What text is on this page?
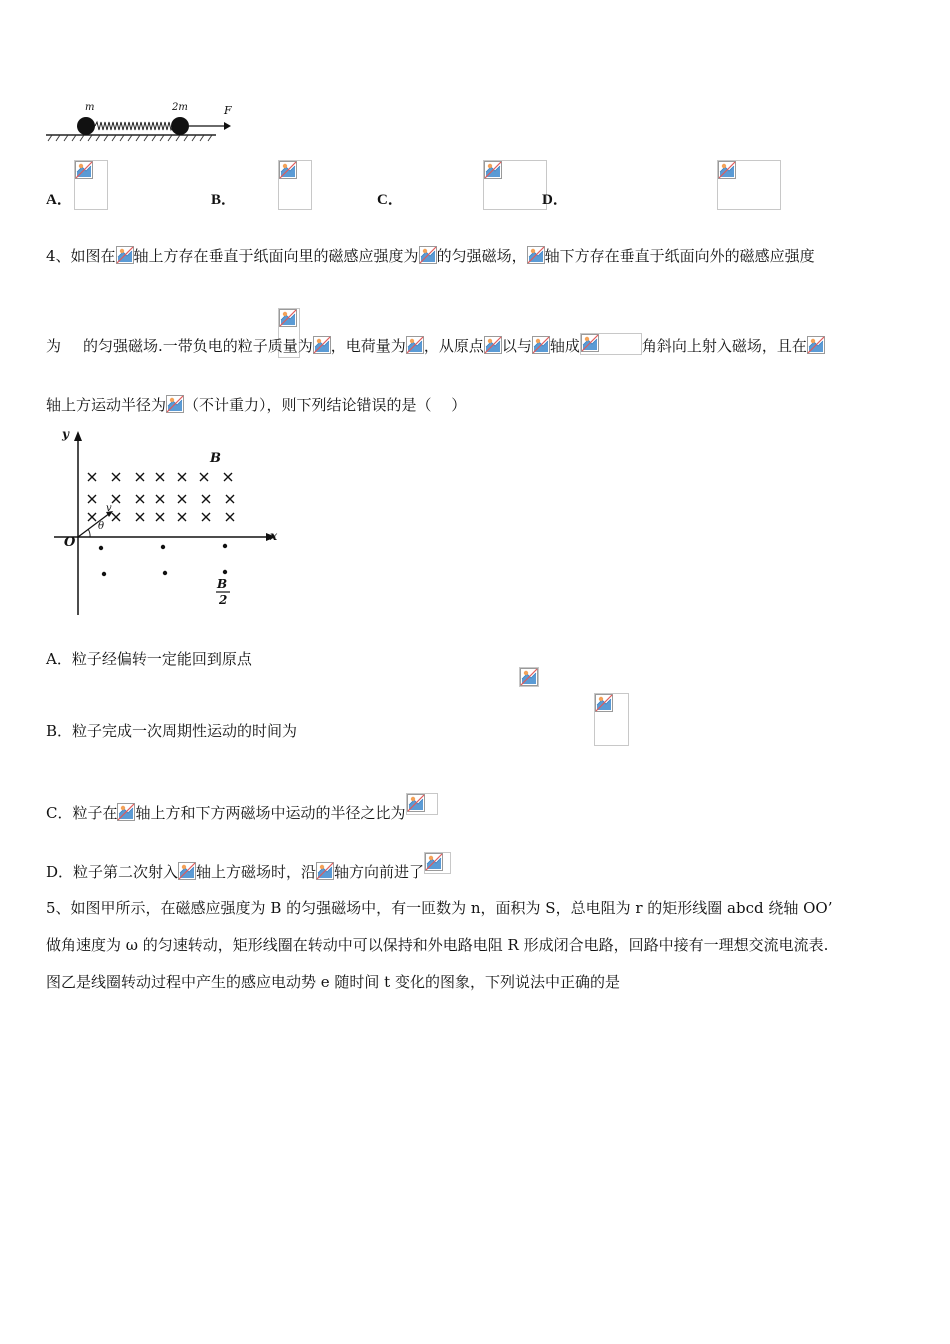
m	2m	F
A．
	B．
	C．
	D．

4、如图在 轴上方存在垂直于纸面向里的磁感应强度为 的匀强磁场， 轴下方存在垂直于纸面向外的磁感应强度

为 的匀强磁场.一带负电的粒子质量为 ，电荷量为 ，从原点 以与 轴成	角斜向上射入磁场，且在
轴上方运动半径为 （不计重力），则下列结论错误的是（　 ）
y
x
O
B
v
θ
B
2
A．粒子经偏转一定能回到原点

B．粒子完成一次周期性运动的时间为
C．粒子在 轴上方和下方两磁场中运动的半径之比为
D．粒子第二次射入 轴上方磁场时，沿 轴方向前进了
5、如图甲所示，在磁感应强度为 B 的匀强磁场中，有一匝数为 n，面积为 S，总电阻为 r 的矩形线圈 abcd 绕轴 OO’
做角速度为 ω 的匀速转动，矩形线圈在转动中可以保持和外电路电阻 R 形成闭合电路，回路中接有一理想交流电流表.
图乙是线圈转动过程中产生的感应电动势 e 随时间 t 变化的图象，下列说法中正确的是
